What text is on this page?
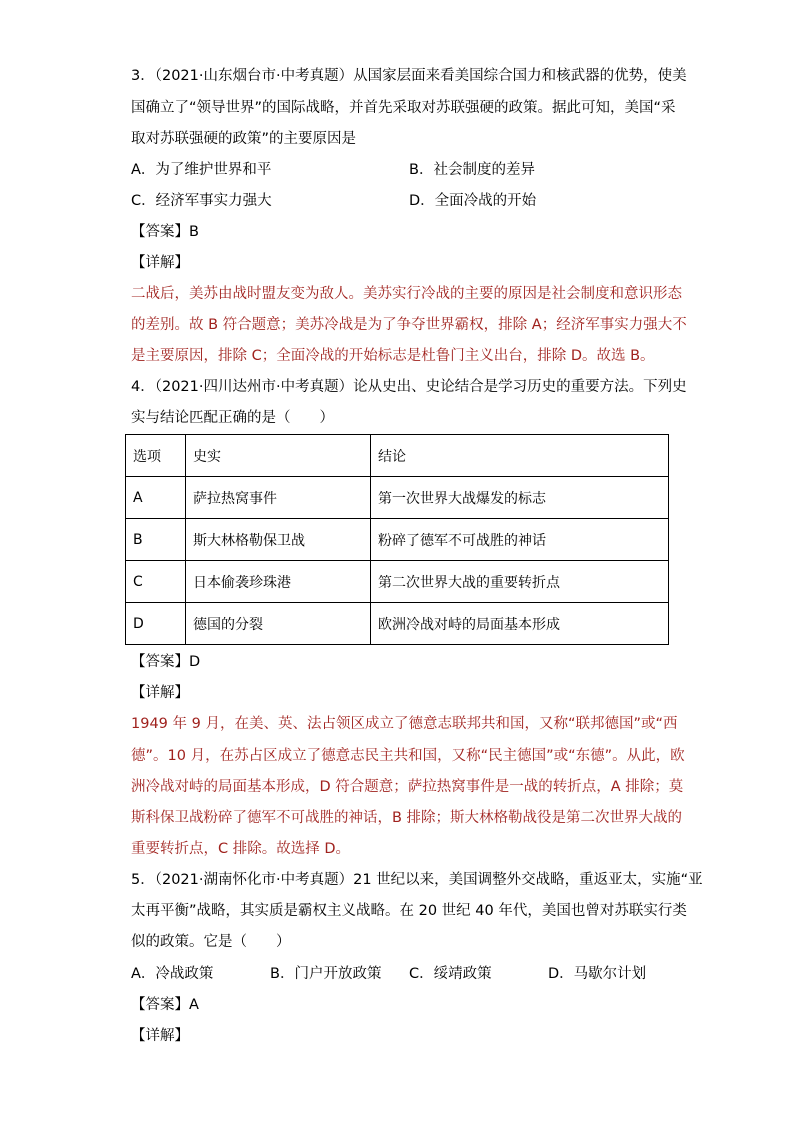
3．（2021·山东烟台市·中考真题）从国家层面来看美国综合国力和核武器的优势，使美
国确立了“领导世界”的国际战略，并首先采取对苏联强硬的政策。据此可知，美国“采
取对苏联强硬的政策”的主要原因是
A．为了维护世界和平	B．社会制度的差异
C．经济军事实力强大	D．全面冷战的开始
【答案】B
【详解】
二战后，美苏由战时盟友变为敌人。美苏实行冷战的主要的原因是社会制度和意识形态
的差别。故 B 符合题意；美苏冷战是为了争夺世界霸权，排除 A；经济军事实力强大不
是主要原因，排除 C；全面冷战的开始标志是杜鲁门主义出台，排除 D。故选 B。
4．（2021·四川达州市·中考真题）论从史出、史论结合是学习历史的重要方法。下列史
实与结论匹配正确的是（　　）
选项	史实	结论
A	萨拉热窝事件	第一次世界大战爆发的标志
B	斯大林格勒保卫战	粉碎了德军不可战胜的神话
C	日本偷袭珍珠港	第二次世界大战的重要转折点
D	德国的分裂	欧洲冷战对峙的局面基本形成
【答案】D
【详解】
1949 年 9 月，在美、英、法占领区成立了德意志联邦共和国，又称“联邦德国”或“西
德”。10 月，在苏占区成立了德意志民主共和国，又称“民主德国”或“东德”。从此，欧
洲冷战对峙的局面基本形成，D 符合题意；萨拉热窝事件是一战的转折点，A 排除；莫
斯科保卫战粉碎了德军不可战胜的神话，B 排除；斯大林格勒战役是第二次世界大战的
重要转折点，C 排除。故选择 D。
5．（2021·湖南怀化市·中考真题）21 世纪以来，美国调整外交战略，重返亚太，实施“亚
太再平衡”战略，其实质是霸权主义战略。在 20 世纪 40 年代，美国也曾对苏联实行类
似的政策。它是（　　）
A．冷战政策	B．门户开放政策 C．绥靖政策	D．马歇尔计划
【答案】A
【详解】
